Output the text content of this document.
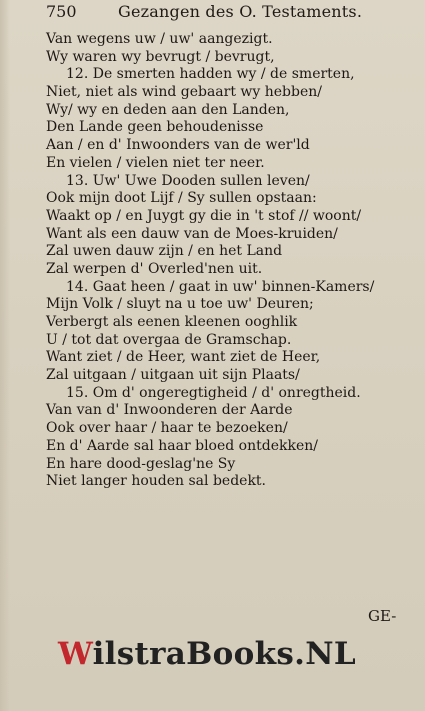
750	Gezangen des O. Testaments.
Van wegens uw / uw' aangezigt.
Wy waren wy bevrugt / bevrugt,
12. De smerten hadden wy / de smerten,
Niet, niet als wind gebaart wy hebben/
Wy/ wy en deden aan den Landen,
Den Lande geen behoudenisse
Aan / en d' Inwoonders van de wer'ld
En vielen / vielen niet ter neer.
13. Uw' Uwe Dooden sullen leven/
Ook mijn doot Lijf / Sy sullen opstaan:
Waakt op / en Juygt gy die in 't stof // woont/
Want als een dauw van de Moes-kruiden/
Zal uwen dauw zijn / en het Land
Zal werpen d' Overled'nen uit.
14. Gaat heen / gaat in uw' binnen-Kamers/
Mijn Volk / sluyt na u toe uw' Deuren;
Verbergt als eenen kleenen ooghlik
U / tot dat overgaa de Gramschap.
Want ziet / de Heer, want ziet de Heer,
Zal uitgaan / uitgaan uit sijn Plaats/
15. Om d' ongeregtigheid / d' onregtheid.
Van van d' Inwoonderen der Aarde
Ook over haar / haar te bezoeken/
En d' Aarde sal haar bloed ontdekken/
En hare dood-geslag'ne Sy
Niet langer houden sal bedekt.
GE-
WilstraBooks.NL
